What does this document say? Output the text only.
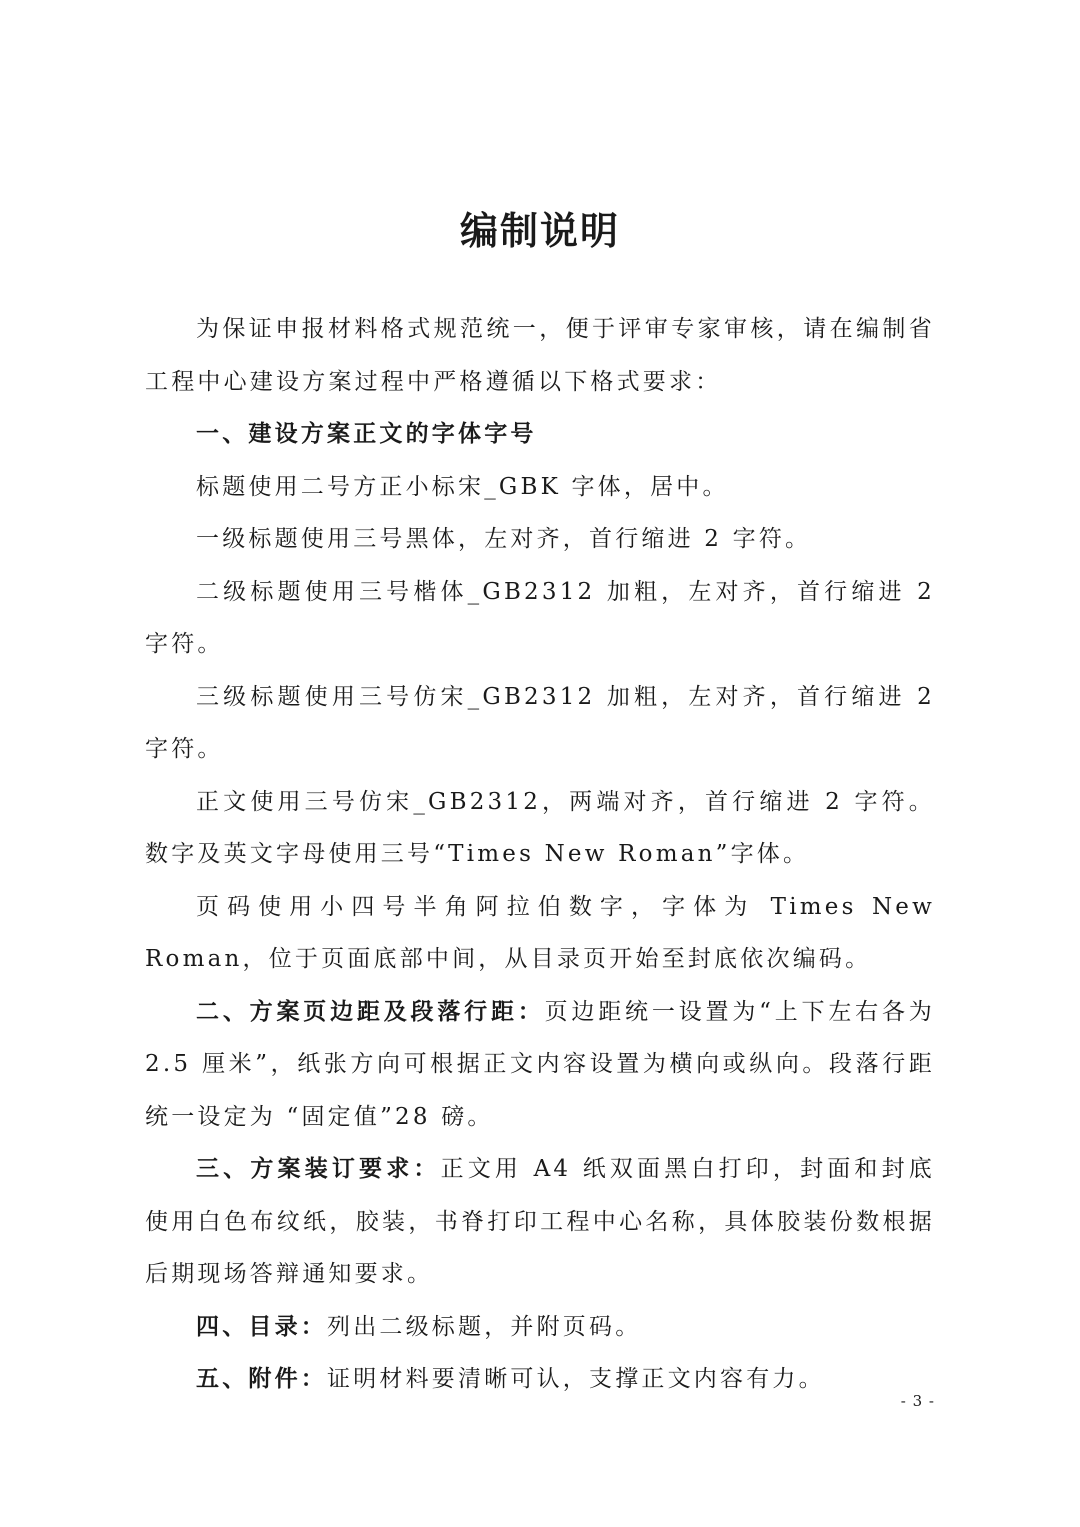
编制说明

为保证申报材料格式规范统一，便于评审专家审核，请在编制省工程中心建设方案过程中严格遵循以下格式要求：

一、建设方案正文的字体字号

标题使用二号方正小标宋_GBK 字体，居中。

一级标题使用三号黑体，左对齐，首行缩进 2 字符。

二级标题使用三号楷体_GB2312 加粗，左对齐，首行缩进 2 字符。

三级标题使用三号仿宋_GB2312 加粗，左对齐，首行缩进 2 字符。

正文使用三号仿宋_GB2312，两端对齐，首行缩进 2 字符。数字及英文字母使用三号“Times New Roman”字体。

页码使用小四号半角阿拉伯数字，字体为 Times New Roman，位于页面底部中间，从目录页开始至封底依次编码。

二、方案页边距及段落行距：页边距统一设置为“上下左右各为 2.5 厘米”，纸张方向可根据正文内容设置为横向或纵向。段落行距统一设定为 “固定值”28 磅。

三、方案装订要求：正文用 A4 纸双面黑白打印，封面和封底使用白色布纹纸，胶装，书脊打印工程中心名称，具体胶装份数根据后期现场答辩通知要求。

四、目录：列出二级标题，并附页码。

五、附件：证明材料要清晰可认，支撑正文内容有力。

- 3 -
